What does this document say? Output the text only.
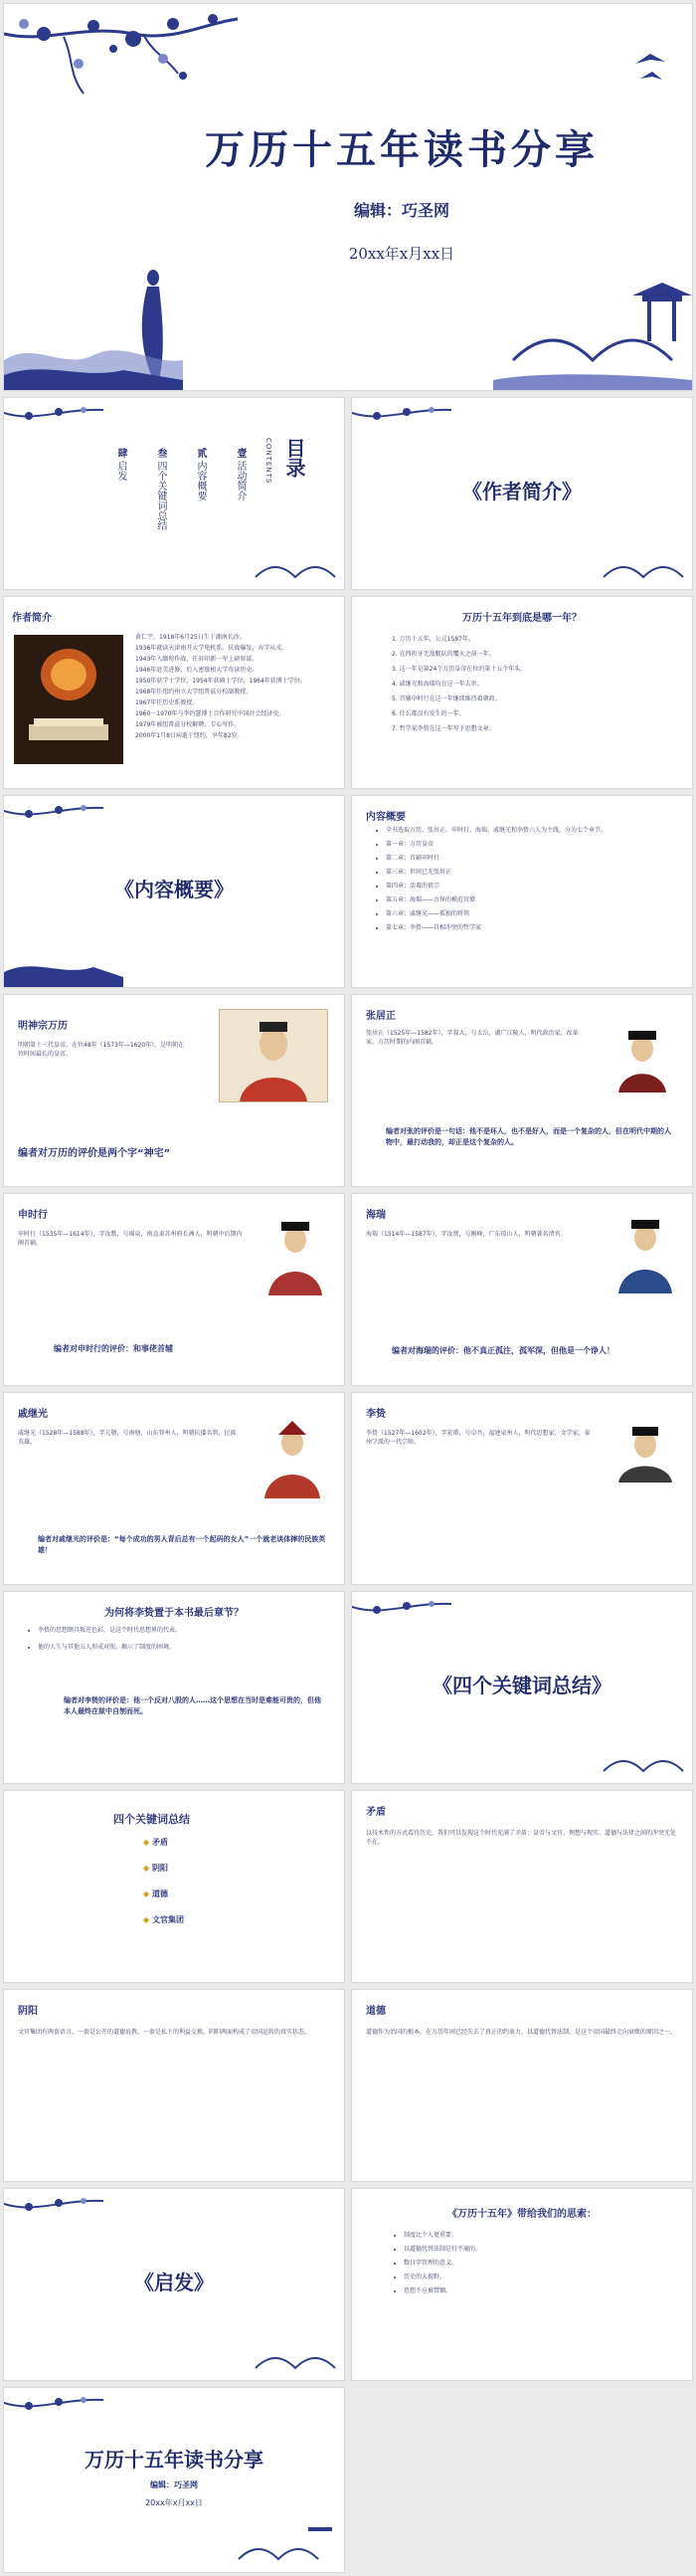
万历十五年读书分享
编辑：巧圣网
20xx年x月xx日
目录
CONTENTS
壹 活动简介
贰 内容概要
叁 四个关键词总结
肆 启发
《作者简介》
作者简介
黄仁宇，1918年6月25日生于湖南长沙。
1936年就读天津南开大学电机系。抗战爆发，弃学从戎。
1943年入缅甸作战，任驻印新一军上尉参谋。
1946年赴美进修，后入密歇根大学攻读历史。
1950年获学士学位，1954年获硕士学位，1964年获博士学位。
1968年任纽约州立大学纽普兹分校副教授。
1967年任历史系教授。
1960－1970年与李约瑟博士合作研究中国社会经济史。
1979年被纽普兹分校解聘，专心写作。
2000年1月8日病逝于纽约，享年82岁。
万历十五年到底是哪一年？
1. 万历十五年，公元1587年。
2. 在西班牙无敌舰队的覆灭之前一年。
3. 这一年是第24个万历皇帝在位的第十五个年头。
4. 戚继光和海瑞均在这一年去世。
5. 首辅申时行在这一年继续维持着朝政。
6. 什么都没有发生的一年。
7. 哲学家李贽在这一年写下思想文章。
《内容概要》
内容概要
• 全书选取万历、张居正、申时行、海瑞、戚继光和李贽六人为主线，分为七个章节。
• 第一章：万历皇帝
• 第二章：首辅申时行
• 第三章：世间已无张居正
• 第四章：活着的祖宗
• 第五章：海瑞——古怪的模范官僚
• 第六章：戚继光——孤独的将领
• 第七章：李贽——自相冲突的哲学家
明神宗万历

明朝第十三代皇帝，在位48年（1573年—1620年），是明朝在位时间最长的皇帝。

编者对万历的评价是两个字“神宅”
张居正

张居正（1525年—1582年），字叔大，号太岳，湖广江陵人，明代政治家、改革家，万历时期的内阁首辅。

编者对张的评价是一句话：他不是坏人，也不是好人，而是一个复杂的人，但在明代中期的人物中，最打动我的，却正是这个复杂的人。
申时行

申时行（1535年—1614年），字汝默，号瑶泉，南直隶苏州府长洲人，明朝中后期内阁首辅。

编者对申时行的评价：和事佬首辅
海瑞

海瑞（1514年—1587年），字汝贤，号刚峰，广东琼山人，明朝著名清官。

编者对海瑞的评价：他不真正孤注，孤军深，但他是一个诤人！
戚继光

戚继光（1528年—1588年），字元敬，号南塘，山东登州人，明朝抗倭名将、民族英雄。

编者对戚继光的评价是：“每个成功的男人背后总有一个起码的女人”一个就老谈体摔的民族英雄！
李贽

李贽（1527年—1602年），字宏甫，号卓吾，福建泉州人，明代思想家、文学家，泰州学派的一代宗师。

为何将李贽置于本书最后章节？
• 李贽的思想颇具叛逆色彩，是这个时代思想界的代表。
• 他的人生与其他五人形成对照，揭示了制度的困境。
编者对李贽的评价是：他一个反对八股的人……这个思想在当时是难能可贵的，但他本人最终在狱中自刎而死。
《四个关键词总结》
四个关键词总结
◆ 矛盾
◆ 阴阳
◆ 道德
◆ 文官集团
矛盾

以技术性的方式看待历史，我们可以发现这个时代充满了矛盾：皇帝与文官、理想与现实、道德与法律之间的冲突无处不在。

阴阳

文官集团有两套语言，一套是公开的道德说教，一套是私下的利益交换，阴阳两面构成了帝国运转的真实状态。

道德

道德作为治国的根本，在万历年间已经失去了真正的约束力，以道德代替法制，是这个帝国最终走向衰败的原因之一。

《启发》
《万历十五年》带给我们的思索：
• 制度比个人更重要。
• 以道德代替法制是行不通的。
• 数目字管理的意义。
• 历史的大视野。
• 思想不应被禁锢。
万历十五年读书分享
编辑：巧圣网
20xx年x月xx日
